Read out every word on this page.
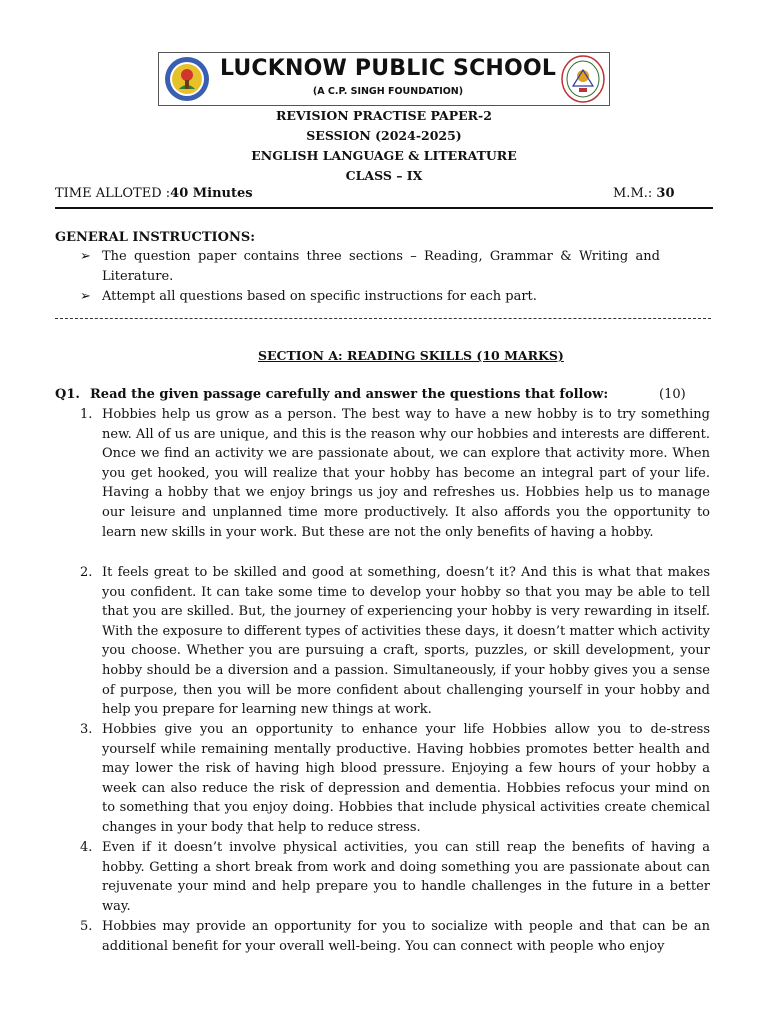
LUCKNOW PUBLIC SCHOOL
(A C.P. SINGH FOUNDATION)
REVISION PRACTISE PAPER-2
SESSION (2024-2025)
ENGLISH LANGUAGE & LITERATURE
CLASS – IX
TIME ALLOTED :40 Minutes	M.M.: 30
GENERAL INSTRUCTIONS:
➢ The question paper contains three sections – Reading, Grammar & Writing and Literature.
➢ Attempt all questions based on specific instructions for each part.
SECTION A: READING SKILLS (10 MARKS)
Q1. Read the given passage carefully and answer the questions that follow:	(10)
1. Hobbies help us grow as a person. The best way to have a new hobby is to try something new. All of us are unique, and this is the reason why our hobbies and interests are different. Once we find an activity we are passionate about, we can explore that activity more. When you get hooked, you will realize that your hobby has become an integral part of your life. Having a hobby that we enjoy brings us joy and refreshes us. Hobbies help us to manage our leisure and unplanned time more productively. It also affords you the opportunity to learn new skills in your work. But these are not the only benefits of having a hobby.
2. It feels great to be skilled and good at something, doesn’t it? And this is what that makes you confident. It can take some time to develop your hobby so that you may be able to tell that you are skilled. But, the journey of experiencing your hobby is very rewarding in itself. With the exposure to different types of activities these days, it doesn’t matter which activity you choose. Whether you are pursuing a craft, sports, puzzles, or skill development, your hobby should be a diversion and a passion. Simultaneously, if your hobby gives you a sense of purpose, then you will be more confident about challenging yourself in your hobby and help you prepare for learning new things at work.
3. Hobbies give you an opportunity to enhance your life Hobbies allow you to de-stress yourself while remaining mentally productive. Having hobbies promotes better health and may lower the risk of having high blood pressure. Enjoying a few hours of your hobby a week can also reduce the risk of depression and dementia. Hobbies refocus your mind on to something that you enjoy doing. Hobbies that include physical activities create chemical changes in your body that help to reduce stress.
4. Even if it doesn’t involve physical activities, you can still reap the benefits of having a hobby. Getting a short break from work and doing something you are passionate about can rejuvenate your mind and help prepare you to handle challenges in the future in a better way.
5. Hobbies may provide an opportunity for you to socialize with people and that can be an additional benefit for your overall well-being. You can connect with people who enjoy
